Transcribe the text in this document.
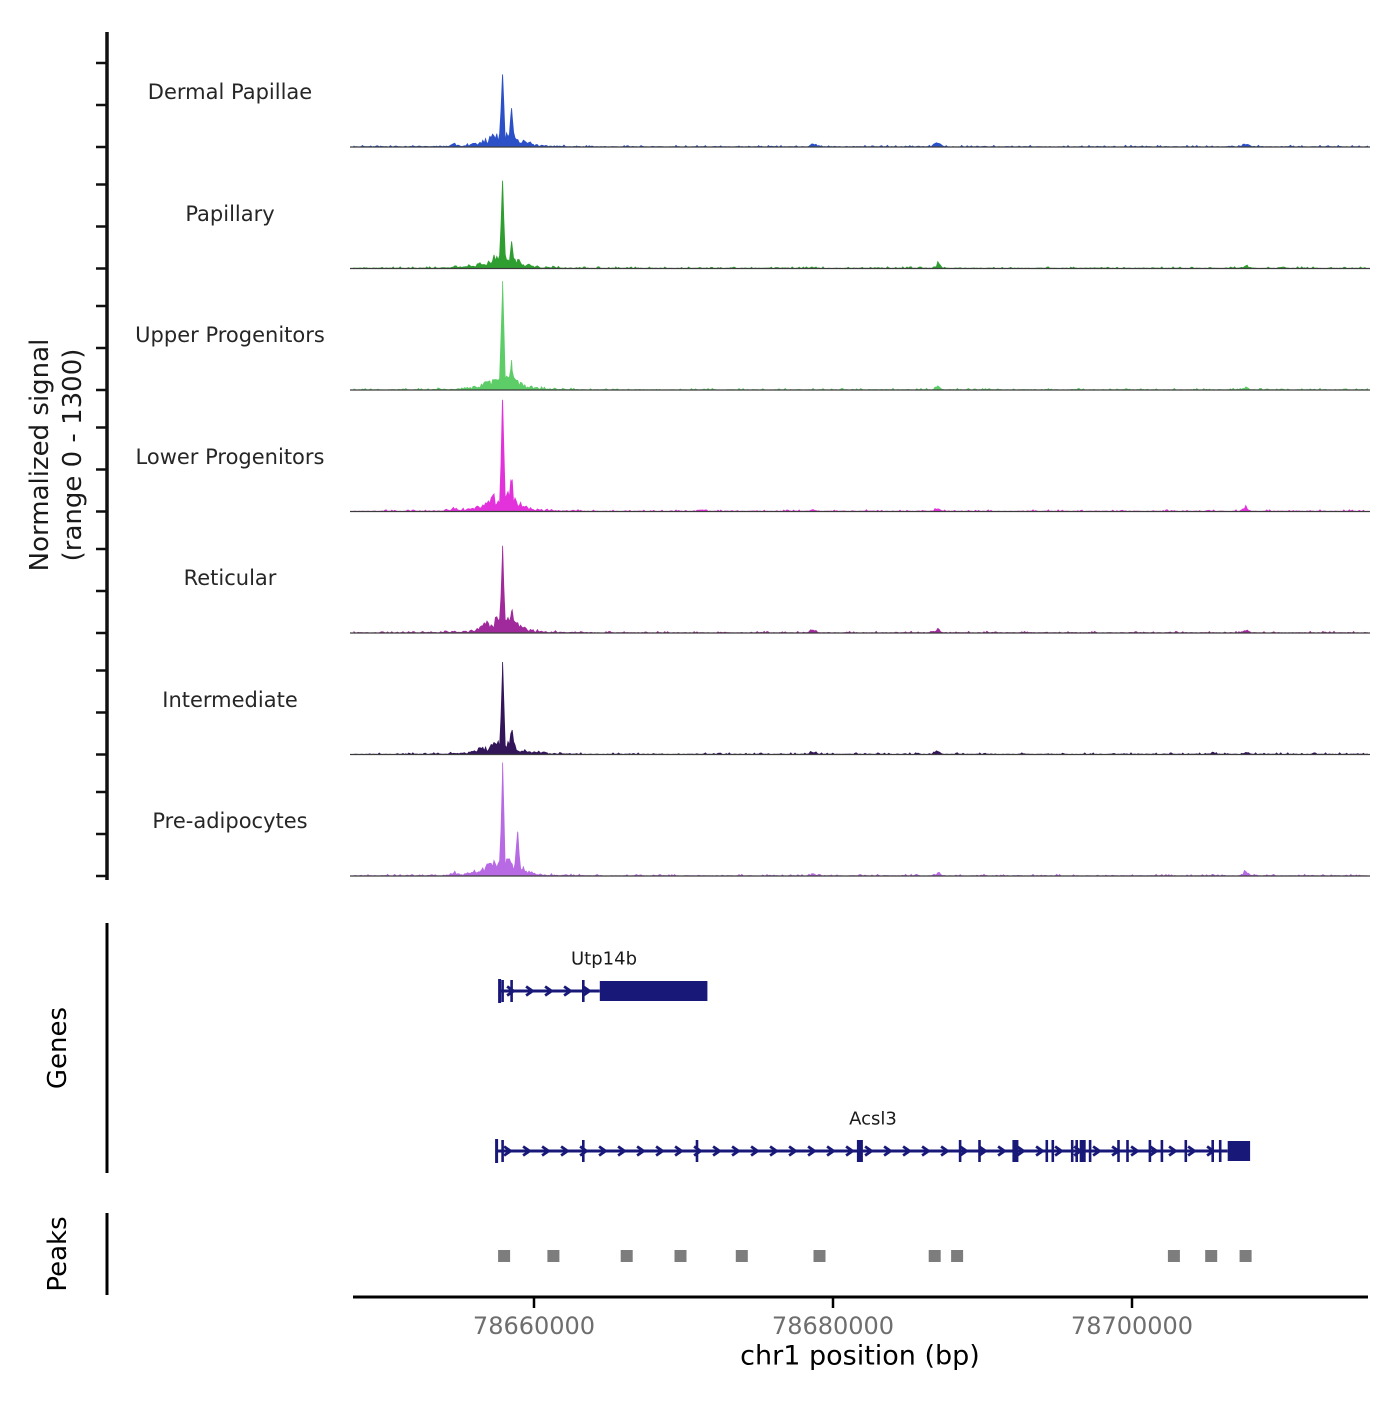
Normalized signal (range 0 - 1300)
Genes
Peaks
chr1 position (bp)
Dermal Papillae
Papillary
Upper Progenitors
Lower Progenitors
Reticular
Intermediate
Pre-adipocytes
Utp14b
Acsl3
78660000	78680000	78700000
